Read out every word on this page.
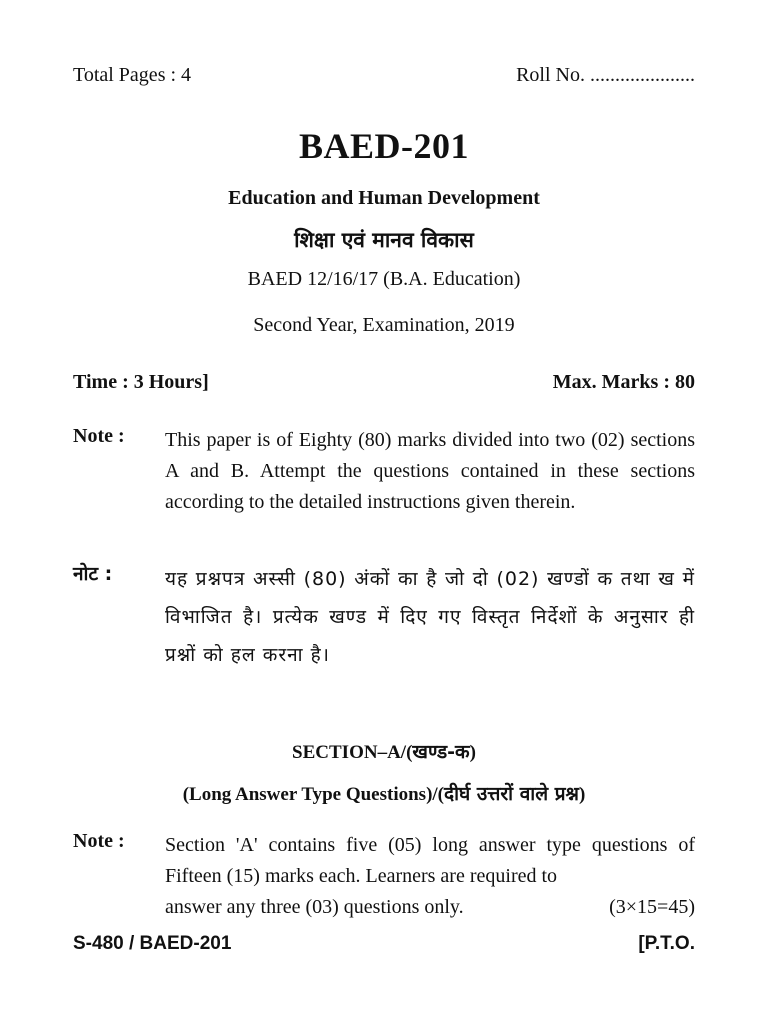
Total Pages : 4	Roll No. .....................
BAED-201
Education and Human Development
शिक्षा एवं मानव विकास
BAED 12/16/17 (B.A. Education)
Second Year, Examination, 2019
Time : 3 Hours]	Max. Marks : 80
Note :	This paper is of Eighty (80) marks divided into two (02) sections A and B. Attempt the questions contained in these sections according to the detailed instructions given therein.
नोट :	यह प्रश्नपत्र अस्सी (80) अंकों का है जो दो (02) खण्डों क तथा ख में विभाजित है। प्रत्येक खण्ड में दिए गए विस्तृत निर्देशों के अनुसार ही प्रश्नों को हल करना है।
SECTION–A/(खण्ड-क)
(Long Answer Type Questions)/(दीर्घ उत्तरों वाले प्रश्न)
Note :	Section 'A' contains five (05) long answer type questions of Fifteen (15) marks each. Learners are required to
answer any three (03) questions only.	(3×15=45)
S-480 / BAED-201	[P.T.O.
